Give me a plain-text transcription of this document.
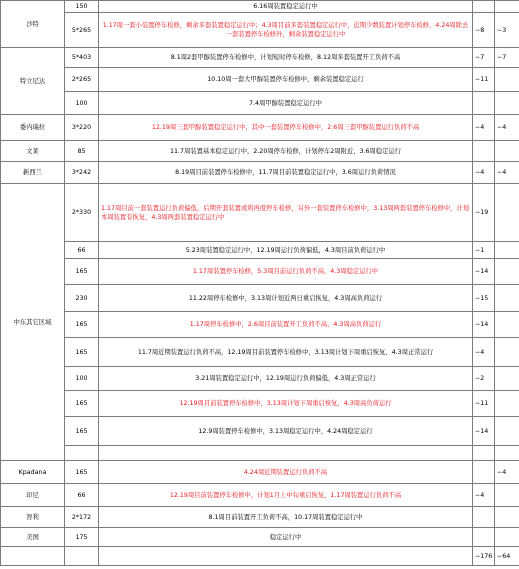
沙特	150	6.16周装置稳定运行中		
	5*265	1.17周一套小装置停车检修，剩余多套装置稳定运行中；4.3周目前多套装置稳定运行中，近期少数装置计划停车检修，4.24周除去一套装置停车检修外，剩余装置稳定运行中	−8	−3
特立尼达	5*403	8.1周2套甲醇装置停车检修中，计划短时停车检修，8.12周多套装置开工负荷不高	−7	−7
	2*265	10.10周一套大甲醇装置停车检修中，剩余装置稳定运行	−11	
	100	7.4周甲醇装置稳定运行中		
委内瑞拉	3*220	12.19周三套甲醇装置稳定运行中，其中一套装置停车检修中，2.6周三套甲醇装置运行负荷不高	−4	−4
文莱	85	11.7周装置基本稳定运行中，2.20周停车检修，计划停车2周附近，3.6周稳定运行		
新西兰	3*242	8.19周目前装置停车检修中，11.7周目前装置稳定运行中，3.6周运行负荷情况	−4	−4
中东其它区域	2*330	1.17周目前一套装置运行负荷偏低，后期开套装置或将再度停车检修，另外一套装置停车检修中，3.13周两套装置停车检修中，计划本周装置有恢复，4.3周两套装置稳定运行中	−19	
	66	5.23周装置稳定运行中，12.19周运行负荷偏低，4.3周目前负荷运行中	−1	
	165	1.17周装置停车检修，5.3周目前运行负荷不高，4.3周稳定运行中	−14	
	230	11.22周停车检修中，3.13周计划近两日重启恢复，4.3周高负荷运行	−15	
	165	1.17周停车检修中，2.6周目前装置开工负荷不高，4.3周高负荷运行	−14	
	165	11.7周近期装置运行负荷不高，12.19周目前装置停车检修中，3.13周计划下周重启恢复，4.3周正常运行	−4	
	100	3.21周装置稳定运行中，12.19周运行负荷偏低，4.3周正常运行	−2	
	165	12.19周目前装置停车检修中，3.13周计划下周重启恢复，4.3周高负荷运行	−11	
	165	12.9周装置停车检修中，3.13周稳定运行中，4.24周稳定运行	−14	

Kpadana	165	4.24周近期装置运行负荷不高		−4
印尼	66	12.19周目前装置停车检修中，计划1月上中旬重启恢复，1.17周装置运行负荷不高	−4	
智利	2*172	8.1周目前装置开工负荷不高，10.17周装置稳定运行中		
美国	175	稳定运行中		
			−176	−64
